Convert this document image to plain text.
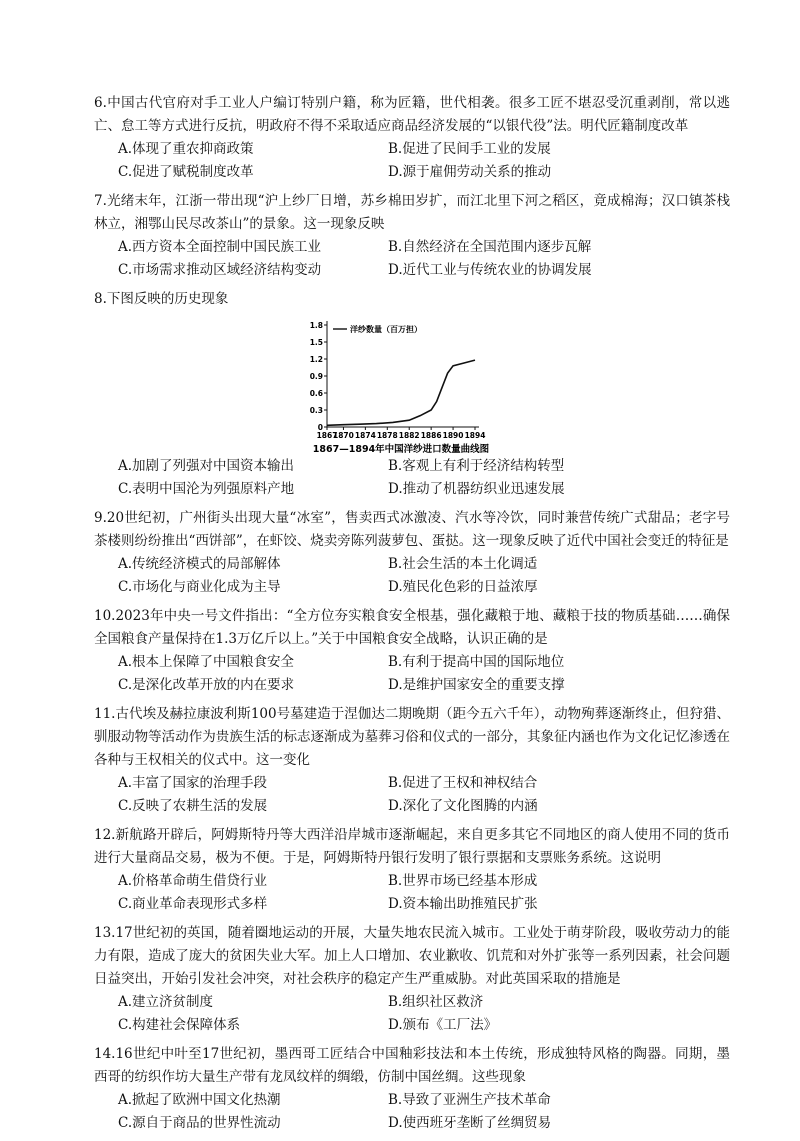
6.中国古代官府对手工业人户编订特别户籍，称为匠籍，世代相袭。很多工匠不堪忍受沉重剥削，常以逃亡、怠工等方式进行反抗，明政府不得不采取适应商品经济发展的“以银代役”法。明代匠籍制度改革
A.体现了重农抑商政策	B.促进了民间手工业的发展
C.促进了赋税制度改革	D.源于雇佣劳动关系的推动
7.光绪末年，江浙一带出现“沪上纱厂日增，苏乡棉田岁扩，而江北里下河之稻区，竟成棉海；汉口镇茶栈林立，湘鄂山民尽改茶山”的景象。这一现象反映
A.西方资本全面控制中国民族工业	B.自然经济在全国范围内逐步瓦解
C.市场需求推动区域经济结构变动	D.近代工业与传统农业的协调发展
8.下图反映的历史现象
0
0.3
0.6
0.9
1.2
1.5
1.8
1867
1870 1874 1878 1882 1886 1890 1894
洋纱数量（百万担）
1867—1894年中国洋纱进口数量曲线图
A.加剧了列强对中国资本输出	B.客观上有利于经济结构转型
C.表明中国沦为列强原料产地	D.推动了机器纺织业迅速发展
9.20世纪初，广州街头出现大量“冰室”，售卖西式冰激凌、汽水等冷饮，同时兼营传统广式甜品；老字号茶楼则纷纷推出“西饼部”，在虾饺、烧卖旁陈列菠萝包、蛋挞。这一现象反映了近代中国社会变迁的特征是
A.传统经济模式的局部解体	B.社会生活的本土化调适
C.市场化与商业化成为主导	D.殖民化色彩的日益浓厚
10.2023年中央一号文件指出：“全方位夯实粮食安全根基，强化藏粮于地、藏粮于技的物质基础……确保全国粮食产量保持在1.3万亿斤以上。”关于中国粮食安全战略，认识正确的是
A.根本上保障了中国粮食安全	B.有利于提高中国的国际地位
C.是深化改革开放的内在要求	D.是维护国家安全的重要支撑
11.古代埃及赫拉康波利斯100号墓建造于涅伽达二期晚期（距今五六千年），动物殉葬逐渐终止，但狩猎、驯服动物等活动作为贵族生活的标志逐渐成为墓葬习俗和仪式的一部分，其象征内涵也作为文化记忆渗透在各种与王权相关的仪式中。这一变化
A.丰富了国家的治理手段	B.促进了王权和神权结合
C.反映了农耕生活的发展	D.深化了文化图腾的内涵
12.新航路开辟后，阿姆斯特丹等大西洋沿岸城市逐渐崛起，来自更多其它不同地区的商人使用不同的货币进行大量商品交易，极为不便。于是，阿姆斯特丹银行发明了银行票据和支票账务系统。这说明
A.价格革命萌生借贷行业	B.世界市场已经基本形成
C.商业革命表现形式多样	D.资本输出助推殖民扩张
13.17世纪初的英国，随着圈地运动的开展，大量失地农民流入城市。工业处于萌芽阶段，吸收劳动力的能力有限，造成了庞大的贫困失业大军。加上人口增加、农业歉收、饥荒和对外扩张等一系列因素，社会问题日益突出，开始引发社会冲突，对社会秩序的稳定产生严重威胁。对此英国采取的措施是
A.建立济贫制度	B.组织社区救济
C.构建社会保障体系	D.颁布《工厂法》
14.16世纪中叶至17世纪初，墨西哥工匠结合中国釉彩技法和本土传统，形成独特风格的陶器。同期，墨西哥的纺织作坊大量生产带有龙凤纹样的绸缎，仿制中国丝绸。这些现象
A.掀起了欧洲中国文化热潮	B.导致了亚洲生产技术革命
C.源自于商品的世界性流动	D.使西班牙垄断了丝绸贸易
